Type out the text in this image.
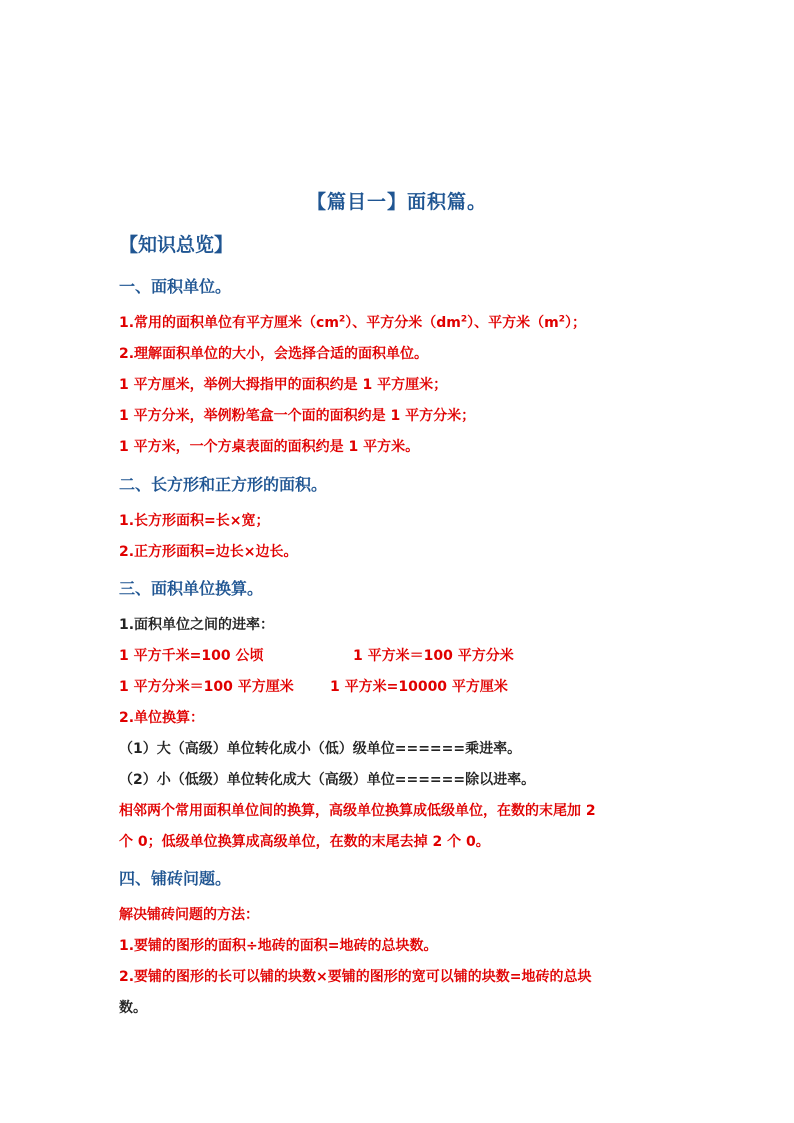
【篇目一】面积篇。
【知识总览】
一、面积单位。
1.常用的面积单位有平方厘米$(cm^2)$、平方分米$(dm^2)$、平方米$(m^2)$；
2.理解面积单位的大小，会选择合适的面积单位。
1 平方厘米，举例大拇指甲的面积约是 1 平方厘米；
1 平方分米，举例粉笔盒一个面的面积约是 1 平方分米；
1 平方米，一个方桌表面的面积约是 1 平方米。
二、长方形和正方形的面积。
1.长方形面积=长×宽；
2.正方形面积=边长×边长。
三、面积单位换算。
1.面积单位之间的进率：
1 平方千米=100 公顷	1 平方米＝100 平方分米
1 平方分米＝100 平方厘米	1 平方米=10000 平方厘米
2.单位换算：
（1）大（高级）单位转化成小（低）级单位======乘进率。
（2）小（低级）单位转化成大（高级）单位======除以进率。
相邻两个常用面积单位间的换算，高级单位换算成低级单位，在数的末尾加 2
个 0；低级单位换算成高级单位，在数的末尾去掉 2 个 0。
四、铺砖问题。
解决铺砖问题的方法：
1.要铺的图形的面积÷地砖的面积=地砖的总块数。
2.要铺的图形的长可以铺的块数×要铺的图形的宽可以铺的块数=地砖的总块
数。
